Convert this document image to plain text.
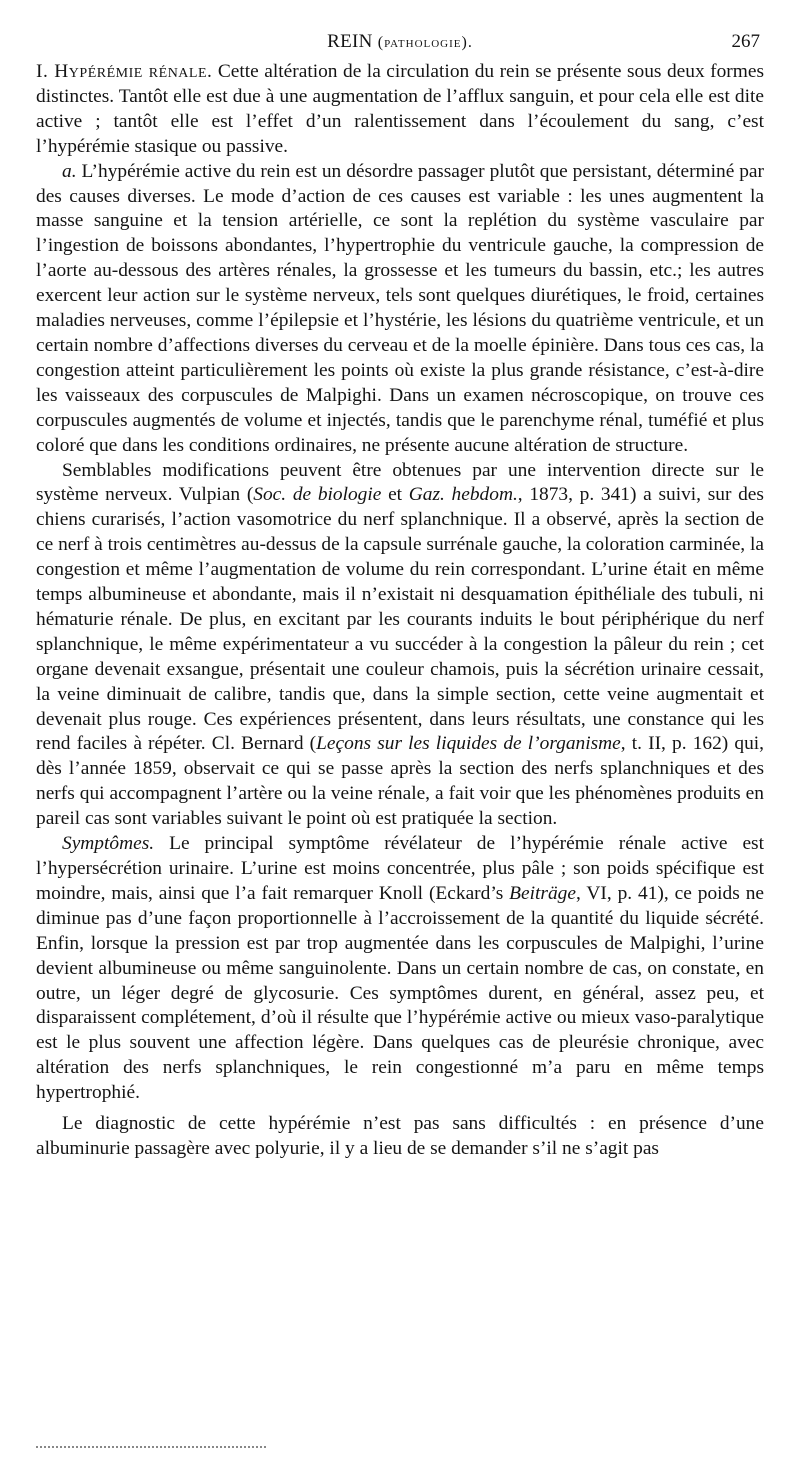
REIN (pathologie).	267

I. Hypérémie rénale. Cette altération de la circulation du rein se présente sous deux formes distinctes. Tantôt elle est due à une augmentation de l’afflux sanguin, et pour cela elle est dite active ; tantôt elle est l’effet d’un ralentissement dans l’écoulement du sang, c’est l’hypérémie stasique ou passive.

a. L’hypérémie active du rein est un désordre passager plutôt que persistant, déterminé par des causes diverses. Le mode d’action de ces causes est variable : les unes augmentent la masse sanguine et la tension artérielle, ce sont la replétion du système vasculaire par l’ingestion de boissons abondantes, l’hypertrophie du ventricule gauche, la compression de l’aorte au-dessous des artères rénales, la grossesse et les tumeurs du bassin, etc.; les autres exercent leur action sur le système nerveux, tels sont quelques diurétiques, le froid, certaines maladies nerveuses, comme l’épilepsie et l’hystérie, les lésions du quatrième ventricule, et un certain nombre d’affections diverses du cerveau et de la moelle épinière. Dans tous ces cas, la congestion atteint particulièrement les points où existe la plus grande résistance, c’est-à-dire les vaisseaux des corpuscules de Malpighi. Dans un examen nécroscopique, on trouve ces corpuscules augmentés de volume et injectés, tandis que le parenchyme rénal, tuméfié et plus coloré que dans les conditions ordinaires, ne présente aucune altération de structure.

Semblables modifications peuvent être obtenues par une intervention directe sur le système nerveux. Vulpian (Soc. de biologie et Gaz. hebdom., 1873, p. 341) a suivi, sur des chiens curarisés, l’action vasomotrice du nerf splanchnique. Il a observé, après la section de ce nerf à trois centimètres au-dessus de la capsule surrénale gauche, la coloration carminée, la congestion et même l’augmentation de volume du rein correspondant. L’urine était en même temps albumineuse et abondante, mais il n’existait ni desquamation épithéliale des tubuli, ni hématurie rénale. De plus, en excitant par les courants induits le bout périphérique du nerf splanchnique, le même expérimentateur a vu succéder à la congestion la pâleur du rein ; cet organe devenait exsangue, présentait une couleur chamois, puis la sécrétion urinaire cessait, la veine diminuait de calibre, tandis que, dans la simple section, cette veine augmentait et devenait plus rouge. Ces expériences présentent, dans leurs résultats, une constance qui les rend faciles à répéter. Cl. Bernard (Leçons sur les liquides de l’organisme, t. II, p. 162) qui, dès l’année 1859, observait ce qui se passe après la section des nerfs splanchniques et des nerfs qui accompagnent l’artère ou la veine rénale, a fait voir que les phénomènes produits en pareil cas sont variables suivant le point où est pratiquée la section.

Symptômes. Le principal symptôme révélateur de l’hypérémie rénale active est l’hypersécrétion urinaire. L’urine est moins concentrée, plus pâle ; son poids spécifique est moindre, mais, ainsi que l’a fait remarquer Knoll (Eckard’s Beiträge, VI, p. 41), ce poids ne diminue pas d’une façon proportionnelle à l’accroissement de la quantité du liquide sécrété. Enfin, lorsque la pression est par trop augmentée dans les corpuscules de Malpighi, l’urine devient albumineuse ou même sanguinolente. Dans un certain nombre de cas, on constate, en outre, un léger degré de glycosurie. Ces symptômes durent, en général, assez peu, et disparaissent complétement, d’où il résulte que l’hypérémie active ou mieux vaso-paralytique est le plus souvent une affection légère. Dans quelques cas de pleurésie chronique, avec altération des nerfs splanchniques, le rein congestionné m’a paru en même temps hypertrophié.

Le diagnostic de cette hypérémie n’est pas sans difficultés : en présence d’une albuminurie passagère avec polyurie, il y a lieu de se demander s’il ne s’agit pas
